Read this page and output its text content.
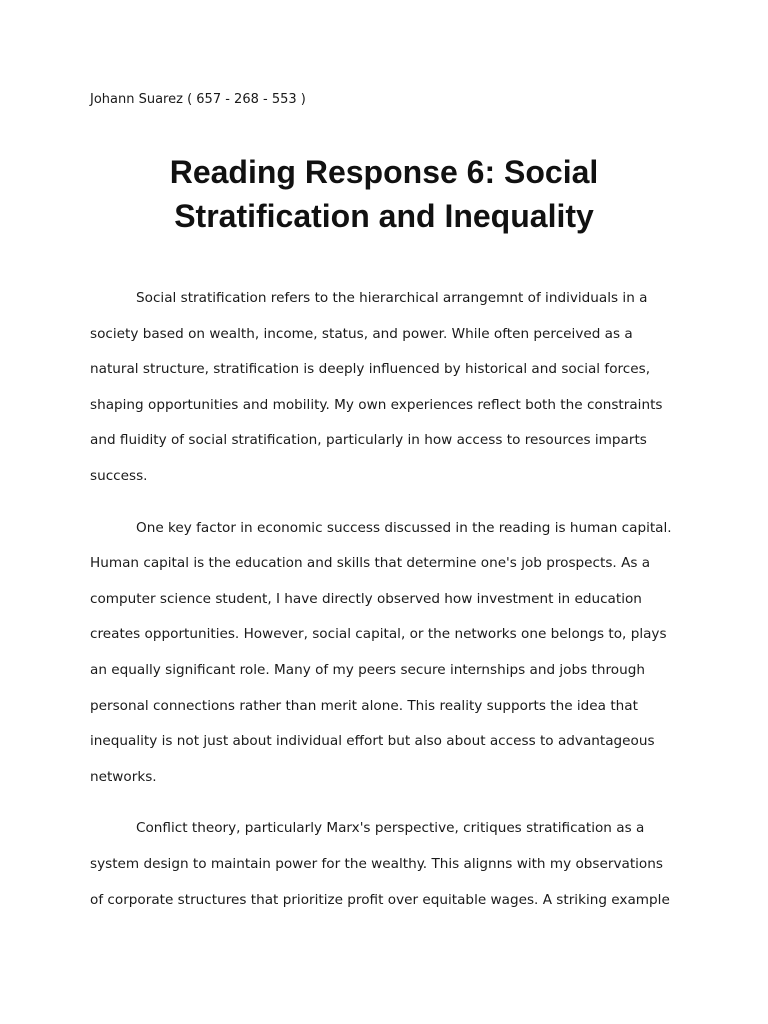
Johann Suarez ( 657 - 268 - 553 )
Reading Response 6: Social
Stratification and Inequality

Social stratification refers to the hierarchical arrangemnt of individuals in a society based on wealth, income, status, and power. While often perceived as a natural structure, stratification is deeply influenced by historical and social forces, shaping opportunities and mobility. My own experiences reflect both the constraints and fluidity of social stratification, particularly in how access to resources imparts success.

One key factor in economic success discussed in the reading is human capital. Human capital is the education and skills that determine one's job prospects. As a computer science student, I have directly observed how investment in education creates opportunities. However, social capital, or the networks one belongs to, plays an equally significant role. Many of my peers secure internships and jobs through personal connections rather than merit alone. This reality supports the idea that inequality is not just about individual effort but also about access to advantageous networks.

Conflict theory, particularly Marx's perspective, critiques stratification as a system design to maintain power for the wealthy. This alignns with my observations of corporate structures that prioritize profit over equitable wages. A striking example
